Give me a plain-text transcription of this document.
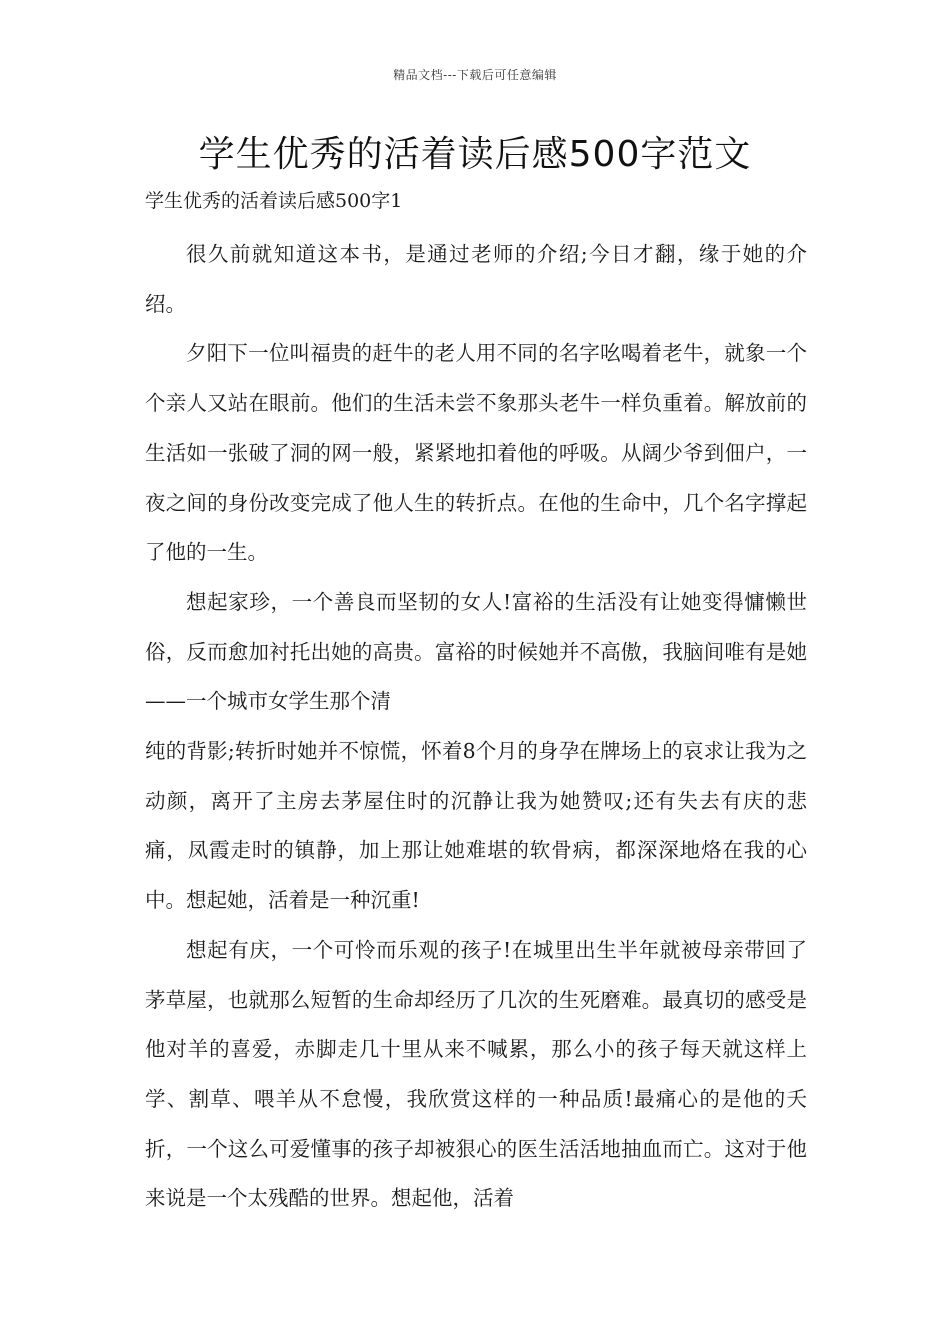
精品文档---下载后可任意编辑
学生优秀的活着读后感500字范文

学生优秀的活着读后感500字1

很久前就知道这本书，是通过老师的介绍;今日才翻，缘于她的介绍。

夕阳下一位叫福贵的赶牛的老人用不同的名字吆喝着老牛，就象一个个亲人又站在眼前。他们的生活未尝不象那头老牛一样负重着。解放前的生活如一张破了洞的网一般，紧紧地扣着他的呼吸。从阔少爷到佃户，一夜之间的身份改变完成了他人生的转折点。在他的生命中，几个名字撑起了他的一生。

想起家珍，一个善良而坚韧的女人!富裕的生活没有让她变得慵懒世俗，反而愈加衬托出她的高贵。富裕的时候她并不高傲，我脑间唯有是她——一个城市女学生那个清

纯的背影;转折时她并不惊慌，怀着8个月的身孕在牌场上的哀求让我为之动颜，离开了主房去茅屋住时的沉静让我为她赞叹;还有失去有庆的悲痛，凤霞走时的镇静，加上那让她难堪的软骨病，都深深地烙在我的心中。想起她，活着是一种沉重!

想起有庆，一个可怜而乐观的孩子!在城里出生半年就被母亲带回了茅草屋，也就那么短暂的生命却经历了几次的生死磨难。最真切的感受是他对羊的喜爱，赤脚走几十里从来不喊累，那么小的孩子每天就这样上学、割草、喂羊从不怠慢，我欣赏这样的一种品质!最痛心的是他的夭折，一个这么可爱懂事的孩子却被狠心的医生活活地抽血而亡。这对于他来说是一个太残酷的世界。想起他，活着
